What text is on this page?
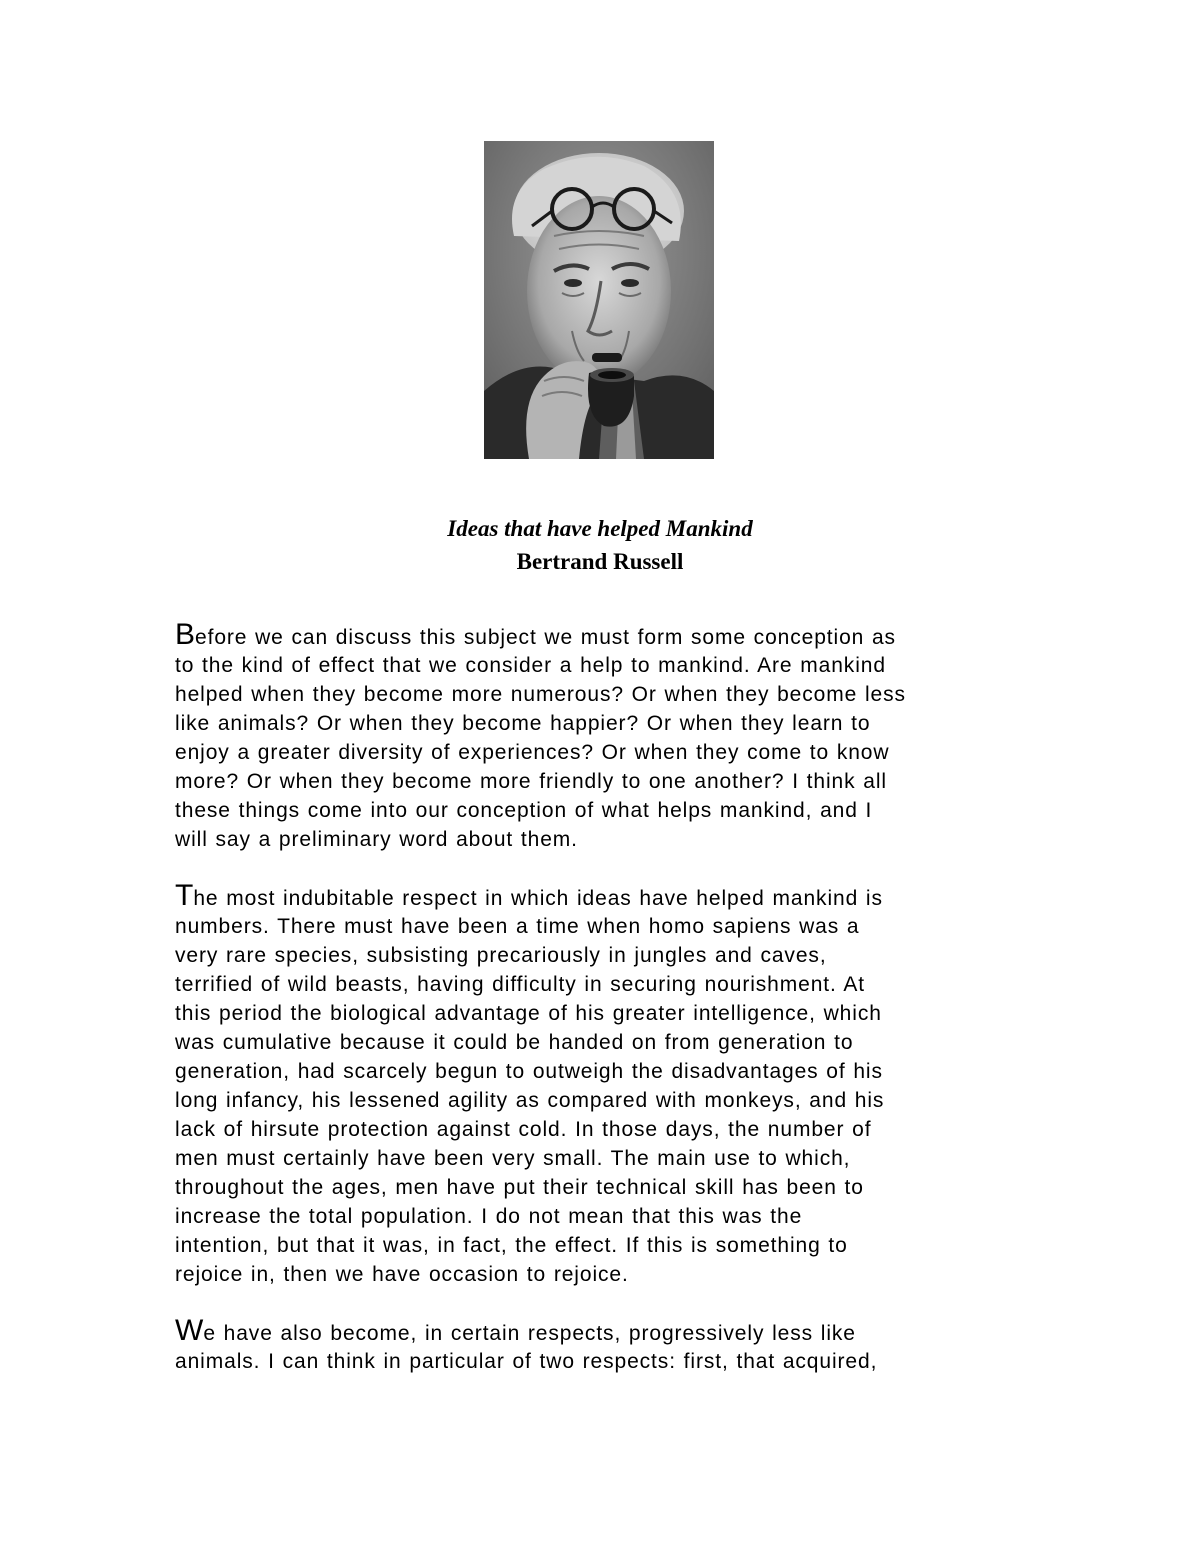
Ideas that have helped Mankind
Bertrand Russell
Before we can discuss this subject we must form some conception as
to the kind of effect that we consider a help to mankind. Are mankind
helped when they become more numerous? Or when they become less
like animals? Or when they become happier? Or when they learn to
enjoy a greater diversity of experiences? Or when they come to know
more? Or when they become more friendly to one another? I think all
these things come into our conception of what helps mankind, and I
will say a preliminary word about them.
The most indubitable respect in which ideas have helped mankind is
numbers. There must have been a time when homo sapiens was a
very rare species, subsisting precariously in jungles and caves,
terrified of wild beasts, having difficulty in securing nourishment. At
this period the biological advantage of his greater intelligence, which
was cumulative because it could be handed on from generation to
generation, had scarcely begun to outweigh the disadvantages of his
long infancy, his lessened agility as compared with monkeys, and his
lack of hirsute protection against cold. In those days, the number of
men must certainly have been very small. The main use to which,
throughout the ages, men have put their technical skill has been to
increase the total population. I do not mean that this was the
intention, but that it was, in fact, the effect. If this is something to
rejoice in, then we have occasion to rejoice.
We have also become, in certain respects, progressively less like
animals. I can think in particular of two respects: first, that acquired,
